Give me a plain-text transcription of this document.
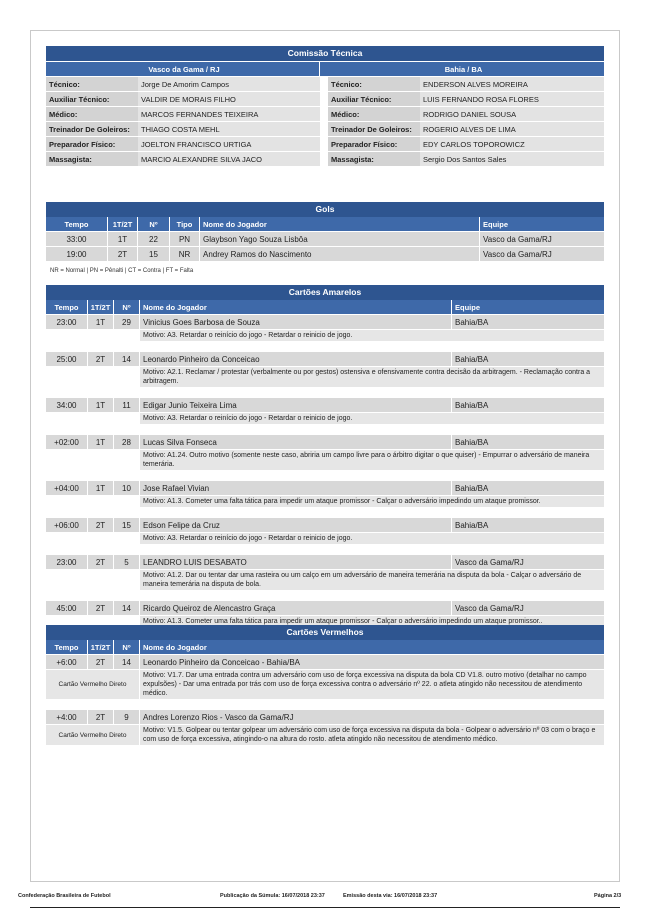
Comissão Técnica
Vasco da Gama / RJ		Bahia / BA		
Técnico:	Jorge De Amorim Campos		Técnico:	ENDERSON ALVES MOREIRA
Auxiliar Técnico:	VALDIR DE MORAIS FILHO		Auxiliar Técnico:	LUIS FERNANDO ROSA FLORES
Médico:	MARCOS FERNANDES TEIXEIRA		Médico:	RODRIGO DANIEL SOUSA
Treinador De Goleiros:	THIAGO COSTA MEHL		Treinador De Goleiros:	ROGERIO ALVES DE LIMA
Preparador Físico:	JOELTON FRANCISCO URTIGA		Preparador Físico:	EDY CARLOS TOPOROWICZ
Massagista:	MARCIO ALEXANDRE SILVA JACO		Massagista:	Sergio Dos Santos Sales
Gols
Tempo	1T/2T	Nº	Tipo	Nome do Jogador	Equipe
33:00	1T	22	PN	Glaybson Yago Souza Lisbôa	Vasco da Gama/RJ
19:00	2T	15	NR	Andrey Ramos do Nascimento	Vasco da Gama/RJ
NR = Normal | PN = Pênalti | CT = Contra | FT = Falta
Cartões Amarelos
Tempo	1T/2T	Nº	Nome do Jogador	Equipe
23:00	1T	29	Vinicius Goes Barbosa de Souza	Bahia/BA
			Motivo: A3. Retardar o reinício do jogo - Retardar o reinicio de jogo.	

25:00	2T	14	Leonardo Pinheiro da Conceicao	Bahia/BA
			Motivo: A2.1. Reclamar / protestar (verbalmente ou por gestos) ostensiva e ofensivamente contra decisão da arbitragem. - Reclamação contra a arbitragem.	

34:00	1T	11	Edigar Junio Teixeira Lima	Bahia/BA
			Motivo: A3. Retardar o reinício do jogo - Retardar o reinicio de jogo.	

+02:00	1T	28	Lucas Silva Fonseca	Bahia/BA
			Motivo: A1.24. Outro motivo (somente neste caso, abriria um campo livre para o árbitro digitar o que quiser) - Empurrar o adversário de maneira temerária.	

+04:00	1T	10	Jose Rafael Vivian	Bahia/BA
			Motivo: A1.3. Cometer uma falta tática para impedir um ataque promissor - Calçar o adversário impedindo um ataque promissor.	

+06:00	2T	15	Edson Felipe da Cruz	Bahia/BA
			Motivo: A3. Retardar o reinício do jogo - Retardar o reinicio de jogo.	

23:00	2T	5	LEANDRO LUIS DESABATO	Vasco da Gama/RJ
			Motivo: A1.2. Dar ou tentar dar uma rasteira ou um calço em um adversário de maneira temerária na disputa da bola - Calçar o adversário de maneira temerária na disputa de bola.	

45:00	2T	14	Ricardo Queiroz de Alencastro Graça	Vasco da Gama/RJ
			Motivo: A1.3. Cometer uma falta tática para impedir um ataque promissor - Calçar o adversário impedindo um ataque promissor..	
Cartões Vermelhos
Tempo	1T/2T	Nº	Nome do Jogador
+6:00	2T	14	Leonardo Pinheiro da Conceicao - Bahia/BA
Cartão Vermelho Direto			Motivo: V1.7. Dar uma entrada contra um adversário com uso de força excessiva na disputa da bola CD V1.8. outro motivo (detalhar no campo expulsões) - Dar uma entrada por trás com uso de força excessiva contra o adversário nº 22. o atleta atingido não necessitou de atendimento médico.

+4:00	2T	9	Andres Lorenzo Rios - Vasco da Gama/RJ
Cartão Vermelho Direto			Motivo: V1.5. Golpear ou tentar golpear um adversário com uso de força excessiva na disputa da bola - Golpear o adversário nº 03 com o braço e com uso de força excessiva, atingindo-o na altura do rosto. atleta atingido não necessitou de atendimento médico.
Confederação Brasileira de Futebol	Publicação da Súmula: 16/07/2018 23:37	Emissão desta via: 16/07/2018 23:37	Página 2/3
